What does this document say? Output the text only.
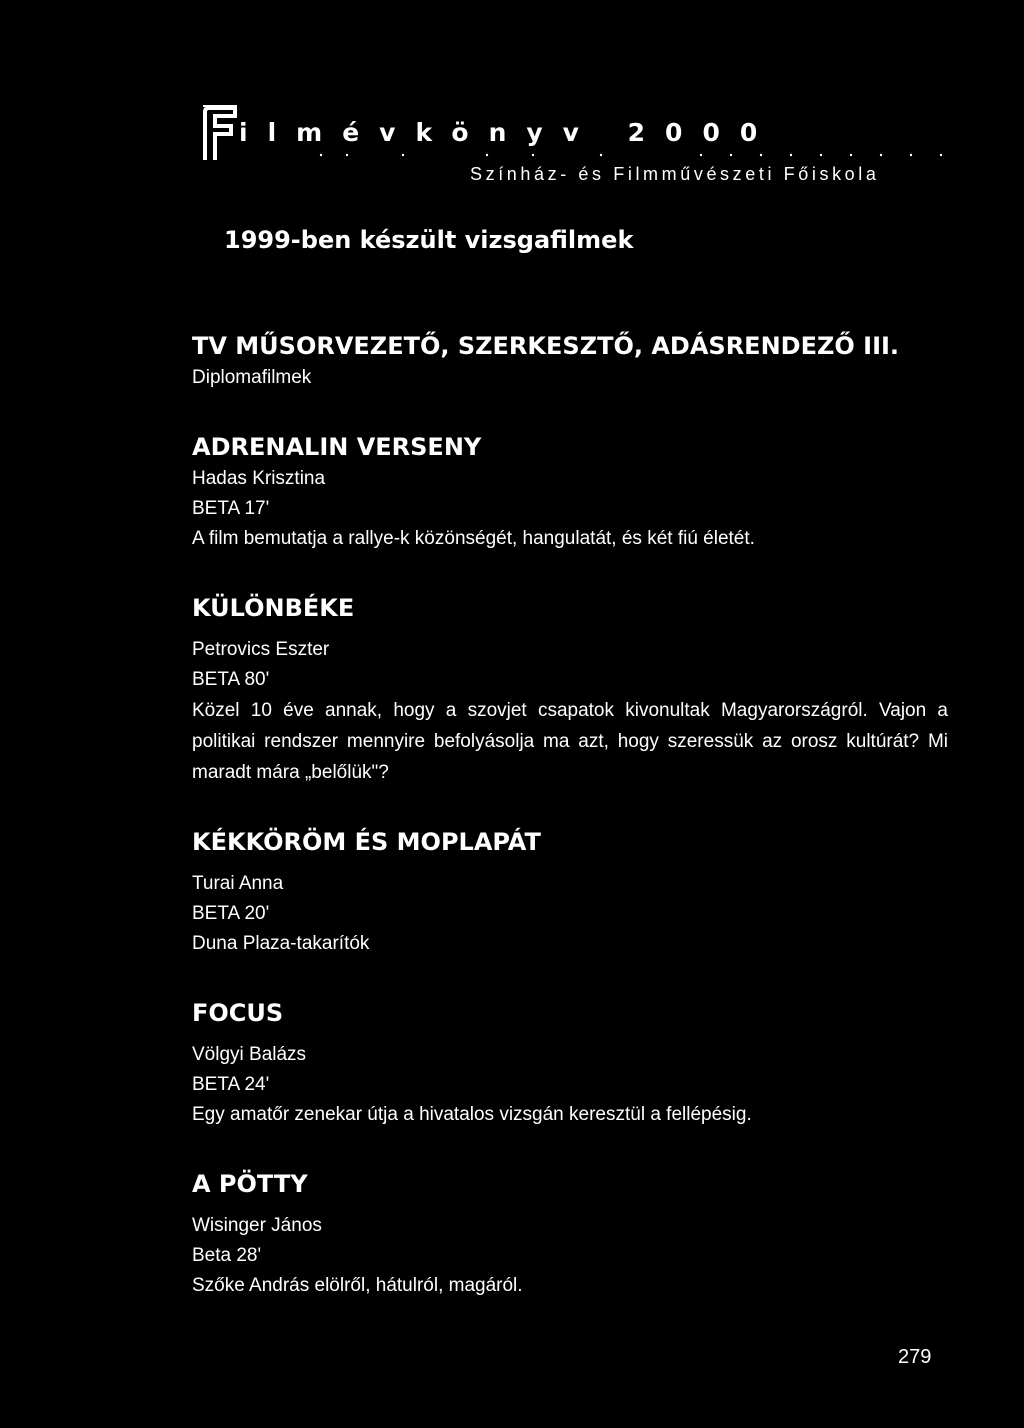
ilmévkönyv 2000
Színház- és Filmművészeti Főiskola
1999-ben készült vizsgafilmek

TV MŰSORVEZETŐ, SZERKESZTŐ, ADÁSRENDEZŐ III.

Diplomafilmek

ADRENALIN VERSENY

Hadas Krisztina

BETA 17'

A film bemutatja a rallye-k közönségét, hangulatát, és két fiú életét.

KÜLÖNBÉKE

Petrovics Eszter

BETA 80'

Közel 10 éve annak, hogy a szovjet csapatok kivonultak Magyarországról. Vajon a politikai rendszer mennyire befolyásolja ma azt, hogy szeressük az orosz kultúrát? Mi maradt mára „belőlük"?

KÉKKÖRÖM ÉS MOPLAPÁT

Turai Anna

BETA 20'

Duna Plaza-takarítók

FOCUS

Völgyi Balázs

BETA 24'

Egy amatőr zenekar útja a hivatalos vizsgán keresztül a fellépésig.

A PÖTTY

Wisinger János

Beta 28'

Szőke András elölről, hátulról, magáról.

279
